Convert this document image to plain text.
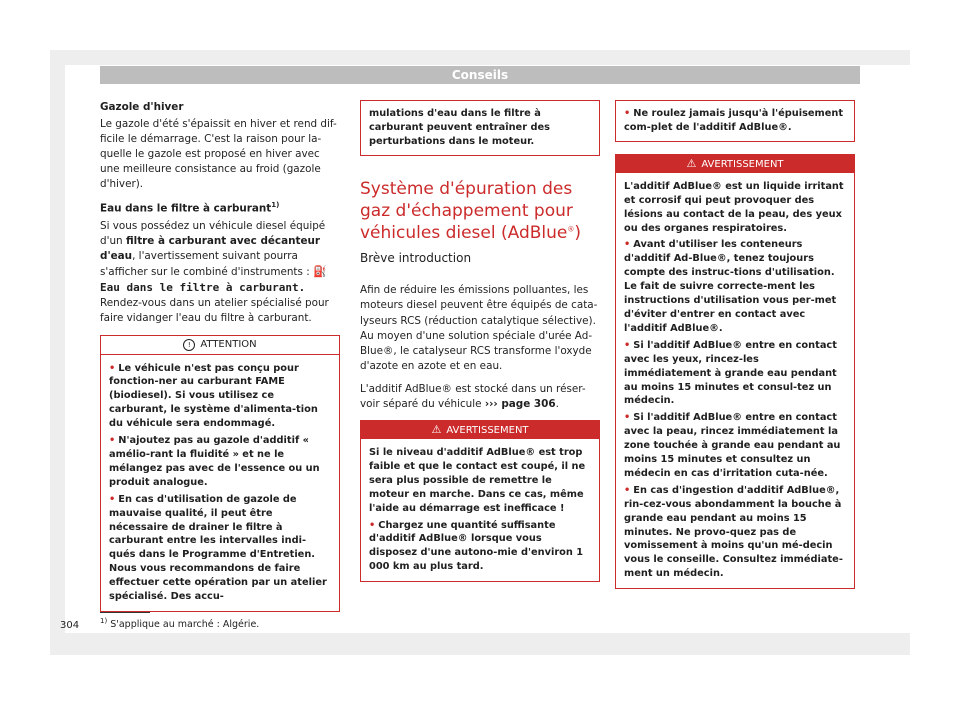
Conseils

Gazole d'hiver

Le gazole d'été s'épaissit en hiver et rend dif-ficile le démarrage. C'est la raison pour la-quelle le gazole est proposé en hiver avec une meilleure consistance au froid (gazole d'hiver).

Eau dans le filtre à carburant$^{1)}$

Si vous possédez un véhicule diesel équipé d'un filtre à carburant avec décanteur d'eau, l'avertissement suivant pourra s'afficher sur le combiné d'instruments : ⛽ Eau dans le filtre à carburant. Rendez-vous dans un atelier spécialisé pour faire vidanger l'eau du filtre à carburant.

! ATTENTION

• Le véhicule n'est pas conçu pour fonction-ner au carburant FAME (biodiesel). Si vous utilisez ce carburant, le système d'alimenta-tion du véhicule sera endommagé.

• N'ajoutez pas au gazole d'additif « amélio-rant la fluidité » et ne le mélangez pas avec de l'essence ou un produit analogue.

• En cas d'utilisation de gazole de mauvaise qualité, il peut être nécessaire de drainer le filtre à carburant entre les intervalles indi-qués dans le Programme d'Entretien. Nous vous recommandons de faire effectuer cette opération par un atelier spécialisé. Des accu-

mulations d'eau dans le filtre à carburant peuvent entraîner des perturbations dans le moteur.
Système d'épuration des gaz d'échappement pour véhicules diesel (AdBlue®)
Brève introduction

Afin de réduire les émissions polluantes, les moteurs diesel peuvent être équipés de cata-lyseurs RCS (réduction catalytique sélective). Au moyen d'une solution spéciale d'urée Ad-Blue®, le catalyseur RCS transforme l'oxyde d'azote en azote et en eau.

L'additif AdBlue® est stocké dans un réser-voir séparé du véhicule ››› page 306.

⚠ AVERTISSEMENT

Si le niveau d'additif AdBlue® est trop faible et que le contact est coupé, il ne sera plus possible de remettre le moteur en marche. Dans ce cas, même l'aide au démarrage est inefficace !

• Chargez une quantité suffisante d'additif AdBlue® lorsque vous disposez d'une autono-mie d'environ 1 000 km au plus tard.

• Ne roulez jamais jusqu'à l'épuisement com-plet de l'additif AdBlue®.
⚠ AVERTISSEMENT

L'additif AdBlue® est un liquide irritant et corrosif qui peut provoquer des lésions au contact de la peau, des yeux ou des organes respiratoires.

• Avant d'utiliser les conteneurs d'additif Ad-Blue®, tenez toujours compte des instruc-tions d'utilisation. Le fait de suivre correcte-ment les instructions d'utilisation vous per-met d'éviter d'entrer en contact avec l'additif AdBlue®.

• Si l'additif AdBlue® entre en contact avec les yeux, rincez-les immédiatement à grande eau pendant au moins 15 minutes et consul-tez un médecin.

• Si l'additif AdBlue® entre en contact avec la peau, rincez immédiatement la zone touchée à grande eau pendant au moins 15 minutes et consultez un médecin en cas d'irritation cuta-née.

• En cas d'ingestion d'additif AdBlue®, rin-cez-vous abondamment la bouche à grande eau pendant au moins 15 minutes. Ne provo-quez pas de vomissement à moins qu'un mé-decin vous le conseille. Consultez immédiate-ment un médecin.

$^{1)}$ S'applique au marché : Algérie.
304
